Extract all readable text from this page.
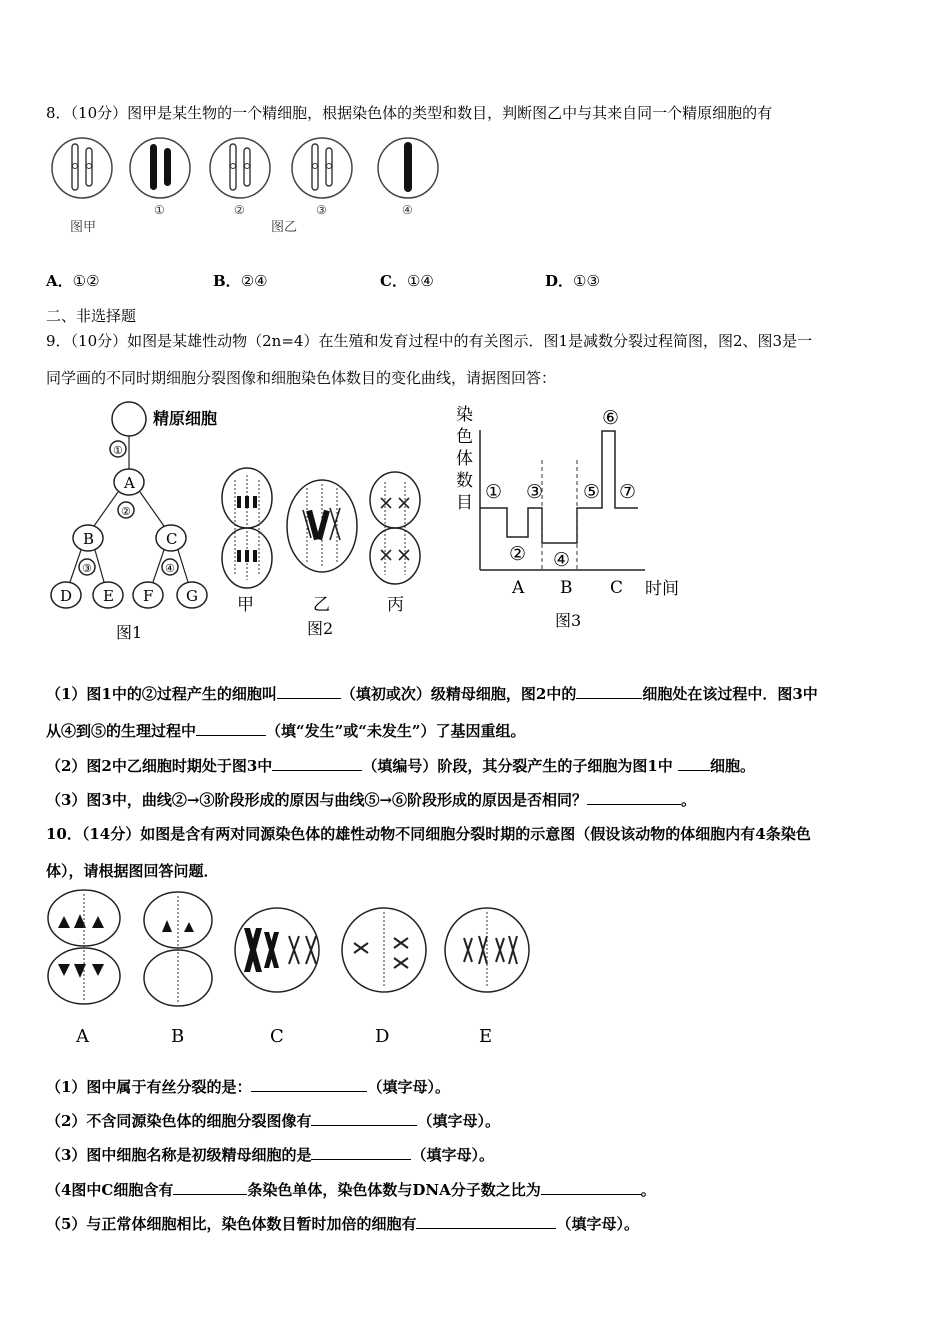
8．（10分）图甲是某生物的一个精细胞，根据染色体的类型和数目，判断图乙中与其来自同一个精原细胞的有
图甲
①	②	③	④
图乙
A．①②	B．②④	C．①④	D．①③
二、非选择题
9．（10分）如图是某雄性动物（2n=4）在生殖和发育过程中的有关图示．图1是减数分裂过程简图，图2、图3是一
同学画的不同时期细胞分裂图像和细胞染色体数目的变化曲线，请据图回答：
精原细胞
A
B	C
D E F G
①
②
③	④
图1
甲	乙	丙
图2
染
色
体
数
目 ①
②
③
④
⑤
⑥
⑦
A B C 时间
图3
（1）图1中的②过程产生的细胞叫	（填初或次）级精母细胞，图2中的	细胞处在该过程中．图3中
从④到⑤的生理过程中	（填“发生”或“未发生”）了基因重组。
（2）图2中乙细胞时期处于图3中	（填编号）阶段，其分裂产生的子细胞为图1中 细胞。
（3）图3中，曲线②→③阶段形成的原因与曲线⑤→⑥阶段形成的原因是否相同？	。
10．（14分）如图是含有两对同源染色体的雄性动物不同细胞分裂时期的示意图（假设该动物的体细胞内有4条染色
体），请根据图回答问题．
A	B	C	D	E
（1）图中属于有丝分裂的是：	（填字母）。
（2）不含同源染色体的细胞分裂图像有	（填字母）。
（3）图中细胞名称是初级精母细胞的是	（填字母）。
（4图中C细胞含有	条染色单体，染色体数与DNA分子数之比为	。
（5）与正常体细胞相比，染色体数目暂时加倍的细胞有	（填字母）。
